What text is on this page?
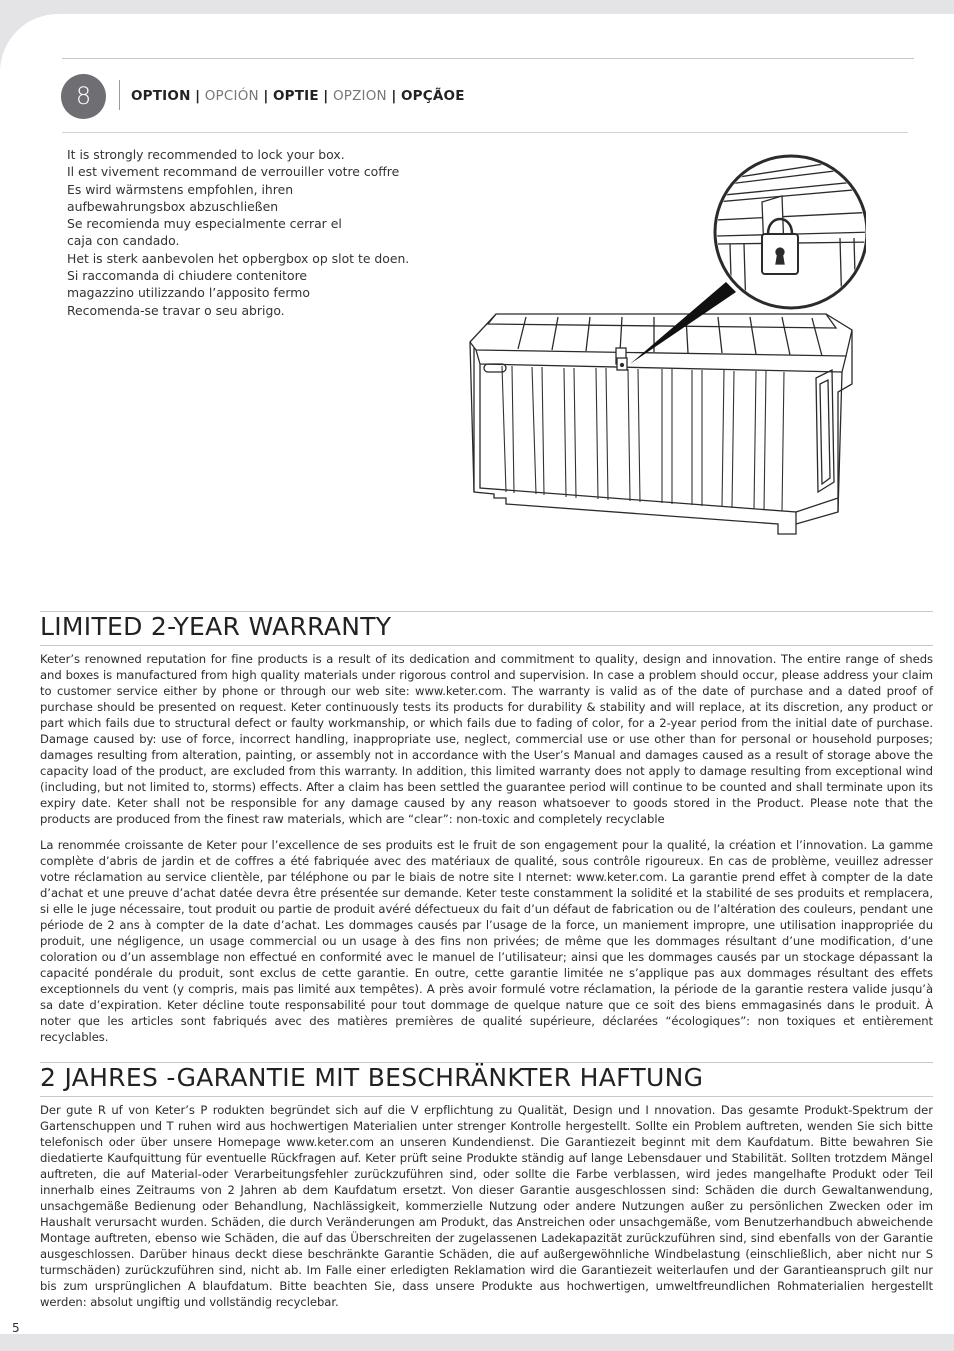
8	OPTION | OPCIÓN | OPTIE | OPZION | OPÇÃOE
It is strongly recommended to lock your box.
Il est vivement recommand de verrouiller votre coffre
Es wird wärmstens empfohlen, ihren
aufbewahrungsbox abzuschließen
Se recomienda muy especialmente cerrar el
caja con candado.
Het is sterk aanbevolen het opbergbox op slot te doen.
Si raccomanda di chiudere contenitore
magazzino utilizzando l’apposito fermo
Recomenda-se travar o seu abrigo.
LIMITED 2-YEAR WARRANTY
Keter’s renowned reputation for fine products is a result of its dedication and commitment to quality, design and innovation. The entire range of sheds and boxes is manufactured from high quality materials under rigorous control and supervision. In case a problem should occur, please address your claim to customer service either by phone or through our web site: www.keter.com. The warranty is valid as of the date of purchase and a dated proof of purchase should be presented on request. Keter continuously tests its products for durability & stability and will replace, at its discretion, any product or part which fails due to structural defect or faulty workmanship, or which fails due to fading of color, for a 2-year period from the initial date of purchase. Damage caused by: use of force, incorrect handling, inappropriate use, neglect, commercial use or use other than for personal or household purposes; damages resulting from alteration, painting, or assembly not in accordance with the User’s Manual and damages caused as a result of storage above the capacity load of the product, are excluded from this warranty. In addition, this limited warranty does not apply to damage resulting from exceptional wind (including, but not limited to, storms) effects. After a claim has been settled the guarantee period will continue to be counted and shall terminate upon its expiry date. Keter shall not be responsible for any damage caused by any reason whatsoever to goods stored in the Product. Please note that the products are produced from the finest raw materials, which are “clear”: non-toxic and completely recyclable
La renommée croissante de Keter pour l’excellence de ses produits est le fruit de son engagement pour la qualité, la création et l’innovation. La gamme complète d’abris de jardin et de coffres a été fabriquée avec des matériaux de qualité, sous contrôle rigoureux. En cas de problème, veuillez adresser votre réclamation au service clientèle, par téléphone ou par le biais de notre site I nternet: www.keter.com. La garantie prend effet à compter de la date d’achat et une preuve d’achat datée devra être présentée sur demande. Keter teste constamment la solidité et la stabilité de ses produits et remplacera, si elle le juge nécessaire, tout produit ou partie de produit avéré défectueux du fait d’un défaut de fabrication ou de l’altération des couleurs, pendant une période de 2 ans à compter de la date d’achat. Les dommages causés par l’usage de la force, un maniement impropre, une utilisation inappropriée du produit, une négligence, un usage commercial ou un usage à des fins non privées; de même que les dommages résultant d’une modification, d’une coloration ou d’un assemblage non effectué en conformité avec le manuel de l’utilisateur; ainsi que les dommages causés par un stockage dépassant la capacité pondérale du produit, sont exclus de cette garantie. En outre, cette garantie limitée ne s’applique pas aux dommages résultant des effets exceptionnels du vent (y compris, mais pas limité aux tempêtes). A près avoir formulé votre réclamation, la période de la garantie restera valide jusqu’à sa date d’expiration. Keter décline toute responsabilité pour tout dommage de quelque nature que ce soit des biens emmagasinés dans le produit. À noter que les articles sont fabriqués avec des matières premières de qualité supérieure, déclarées “écologiques”: non toxiques et entièrement recyclables.
2 JAHRES -GARANTIE MIT BESCHRÄNKTER HAFTUNG
Der gute R uf von Keter’s P rodukten begründet sich auf die V erpflichtung zu Qualität, Design und I nnovation. Das gesamte Produkt-Spektrum der Gartenschuppen und T ruhen wird aus hochwertigen Materialien unter strenger Kontrolle hergestellt. Sollte ein Problem auftreten, wenden Sie sich bitte telefonisch oder über unsere Homepage www.keter.com an unseren Kundendienst. Die Garantiezeit beginnt mit dem Kaufdatum. Bitte bewahren Sie diedatierte Kaufquittung für eventuelle Rückfragen auf. Keter prüft seine Produkte ständig auf lange Lebensdauer und Stabilität. Sollten trotzdem Mängel auftreten, die auf Material-oder Verarbeitungsfehler zurückzuführen sind, oder sollte die Farbe verblassen, wird jedes mangelhafte Produkt oder Teil innerhalb eines Zeitraums von 2 Jahren ab dem Kaufdatum ersetzt. Von dieser Garantie ausgeschlossen sind: Schäden die durch Gewaltanwendung, unsachgemäße Bedienung oder Behandlung, Nachlässigkeit, kommerzielle Nutzung oder andere Nutzungen außer zu persönlichen Zwecken oder im Haushalt verursacht wurden. Schäden, die durch Veränderungen am Produkt, das Anstreichen oder unsachgemäße, vom Benutzerhandbuch abweichende Montage auftreten, ebenso wie Schäden, die auf das Überschreiten der zugelassenen Ladekapazität zurückzuführen sind, sind ebenfalls von der Garantie ausgeschlossen. Darüber hinaus deckt diese beschränkte Garantie Schäden, die auf außergewöhnliche Windbelastung (einschließlich, aber nicht nur S turmschäden) zurückzuführen sind, nicht ab. Im Falle einer erledigten Reklamation wird die Garantiezeit weiterlaufen und der Garantieanspruch gilt nur bis zum ursprünglichen A blaufdatum. Bitte beachten Sie, dass unsere Produkte aus hochwertigen, umweltfreundlichen Rohmaterialien hergestellt werden: absolut ungiftig und vollständig recyclebar.
5
